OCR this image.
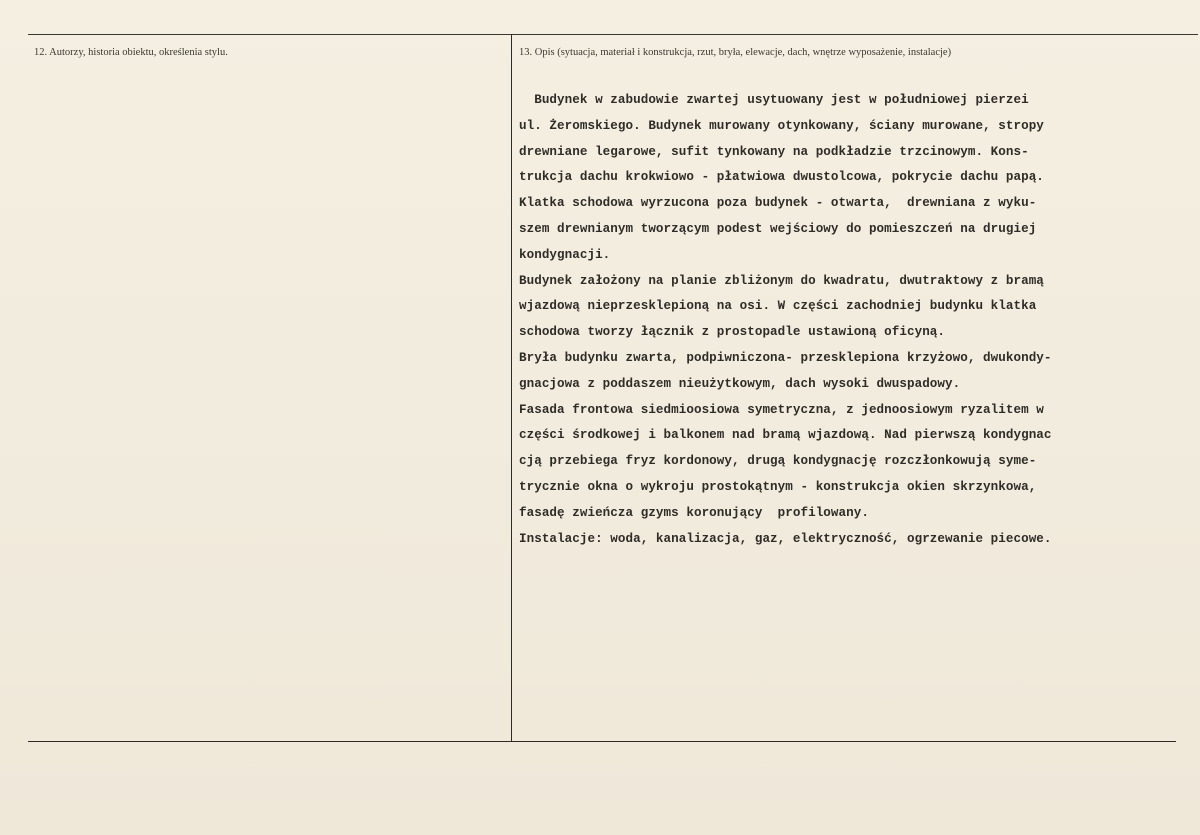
12. Autorzy, historia obiektu, określenia stylu.	13. Opis (sytuacja, materiał i konstrukcja, rzut, bryła, elewacje, dach, wnętrze wyposażenie, instalacje)
Budynek w zabudowie zwartej usytuowany jest w południowej pierzei
ul. Żeromskiego. Budynek murowany otynkowany, ściany murowane, stropy
drewniane legarowe, sufit tynkowany na podkładzie trzcinowym. Kons-
trukcja dachu krokwiowo - płatwiowa dwustolcowa, pokrycie dachu papą.
Klatka schodowa wyrzucona poza budynek - otwarta,  drewniana z wyku-
szem drewnianym tworzącym podest wejściowy do pomieszczeń na drugiej
kondygnacji.
Budynek założony na planie zbliżonym do kwadratu, dwutraktowy z bramą
wjazdową nieprzesklepioną na osi. W części zachodniej budynku klatka
schodowa tworzy łącznik z prostopadle ustawioną oficyną.
Bryła budynku zwarta, podpiwniczona- przesklepiona krzyżowo, dwukondy-
gnacjowa z poddaszem nieużytkowym, dach wysoki dwuspadowy.
Fasada frontowa siedmioosiowa symetryczna, z jednoosiowym ryzalitem w
części środkowej i balkonem nad bramą wjazdową. Nad pierwszą kondygnac
cją przebiega fryz kordonowy, drugą kondygnację rozczłonkowują syme-
trycznie okna o wykroju prostokątnym - konstrukcja okien skrzynkowa,
fasadę zwieńcza gzyms koronujący  profilowany.
Instalacje: woda, kanalizacja, gaz, elektryczność, ogrzewanie piecowe.
